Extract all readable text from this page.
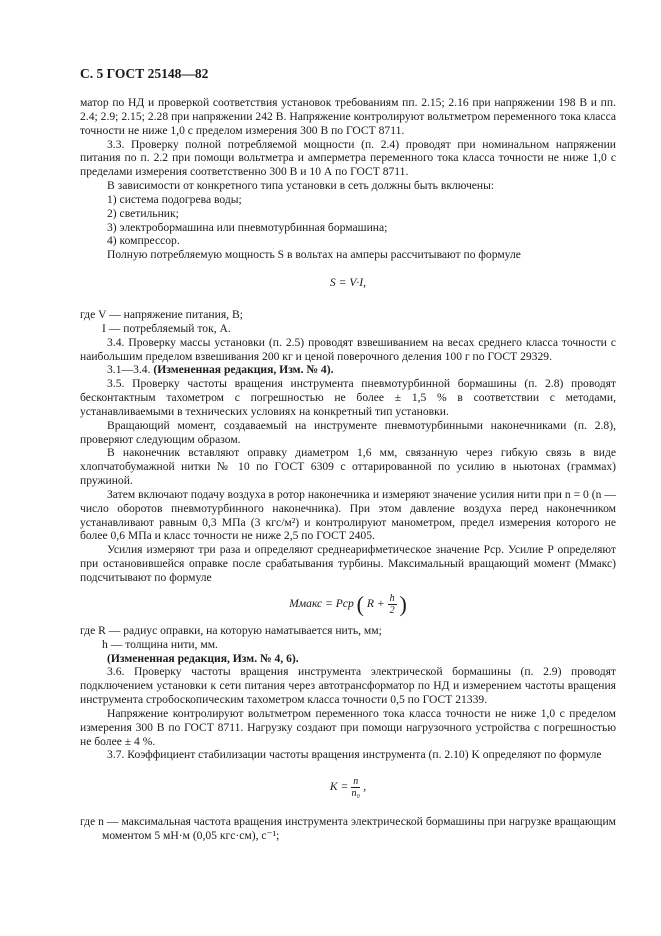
С. 5 ГОСТ 25148—82

матор по НД и проверкой соответствия установок требованиям пп. 2.15; 2.16 при напряжении 198 В и пп. 2.4; 2.9; 2.15; 2.28 при напряжении 242 В. Напряжение контролируют вольтметром переменного тока класса точности не ниже 1,0 с пределом измерения 300 В по ГОСТ 8711.

3.3. Проверку полной потребляемой мощности (п. 2.4) проводят при номинальном напряжении питания по п. 2.2 при помощи вольтметра и амперметра переменного тока класса точности не ниже 1,0 с пределами измерения соответственно 300 В и 10 А по ГОСТ 8711.

В зависимости от конкретного типа установки в сеть должны быть включены:

1) система подогрева воды;
2) светильник;
3) электробормашина или пневмотурбинная бормашина;
4) компрессор.

Полную потребляемую мощность S в вольтах на амперы рассчитывают по формуле

S = V·I,

где V — напряжение питания, В;

I — потребляемый ток, А.

3.4. Проверку массы установки (п. 2.5) проводят взвешиванием на весах среднего класса точности с наибольшим пределом взвешивания 200 кг и ценой поверочного деления 100 г по ГОСТ 29329.

3.1—3.4. (Измененная редакция, Изм. № 4).

3.5. Проверку частоты вращения инструмента пневмотурбинной бормашины (п. 2.8) проводят бесконтактным тахометром с погрешностью не более ± 1,5 % в соответствии с методами, устанавливаемыми в технических условиях на конкретный тип установки.

Вращающий момент, создаваемый на инструменте пневмотурбинными наконечниками (п. 2.8), проверяют следующим образом.

В наконечник вставляют оправку диаметром 1,6 мм, связанную через гибкую связь в виде хлопчатобумажной нитки № 10 по ГОСТ 6309 с оттарированной по усилию в ньютонах (граммах) пружиной.

Затем включают подачу воздуха в ротор наконечника и измеряют значение усилия нити при n = 0 (n — число оборотов пневмотурбинного наконечника). При этом давление воздуха перед наконечником устанавливают равным 0,3 МПа (3 кгс/м²) и контролируют манометром, предел измерения которого не более 0,6 МПа и класс точности не ниже 2,5 по ГОСТ 2405.

Усилия измеряют три раза и определяют среднеарифметическое значение Pср. Усилие P определяют при остановившейся оправке после срабатывания турбины. Максимальный вращающий момент (Mмакс) подсчитывают по формуле

Mмакс = Pср ( $R + \frac{h}{2}$ )

где R — радиус оправки, на которую наматывается нить, мм;

h — толщина нити, мм.

(Измененная редакция, Изм. № 4, 6).

3.6. Проверку частоты вращения инструмента электрической бормашины (п. 2.9) проводят подключением установки к сети питания через автотрансформатор по НД и измерением частоты вращения инструмента стробоскопическим тахометром класса точности 0,5 по ГОСТ 21339.

Напряжение контролируют вольтметром переменного тока класса точности не ниже 1,0 с пределом измерения 300 В по ГОСТ 8711. Нагрузку создают при помощи нагрузочного устройства с погрешностью не более ± 4 %.

3.7. Коэффициент стабилизации частоты вращения инструмента (п. 2.10) K определяют по формуле

$K = \frac{n}{\text{n₀}}$ ,

где n — максимальная частота вращения инструмента электрической бормашины при нагрузке вращающим моментом 5 мН·м (0,05 кгс·см), с⁻¹;
